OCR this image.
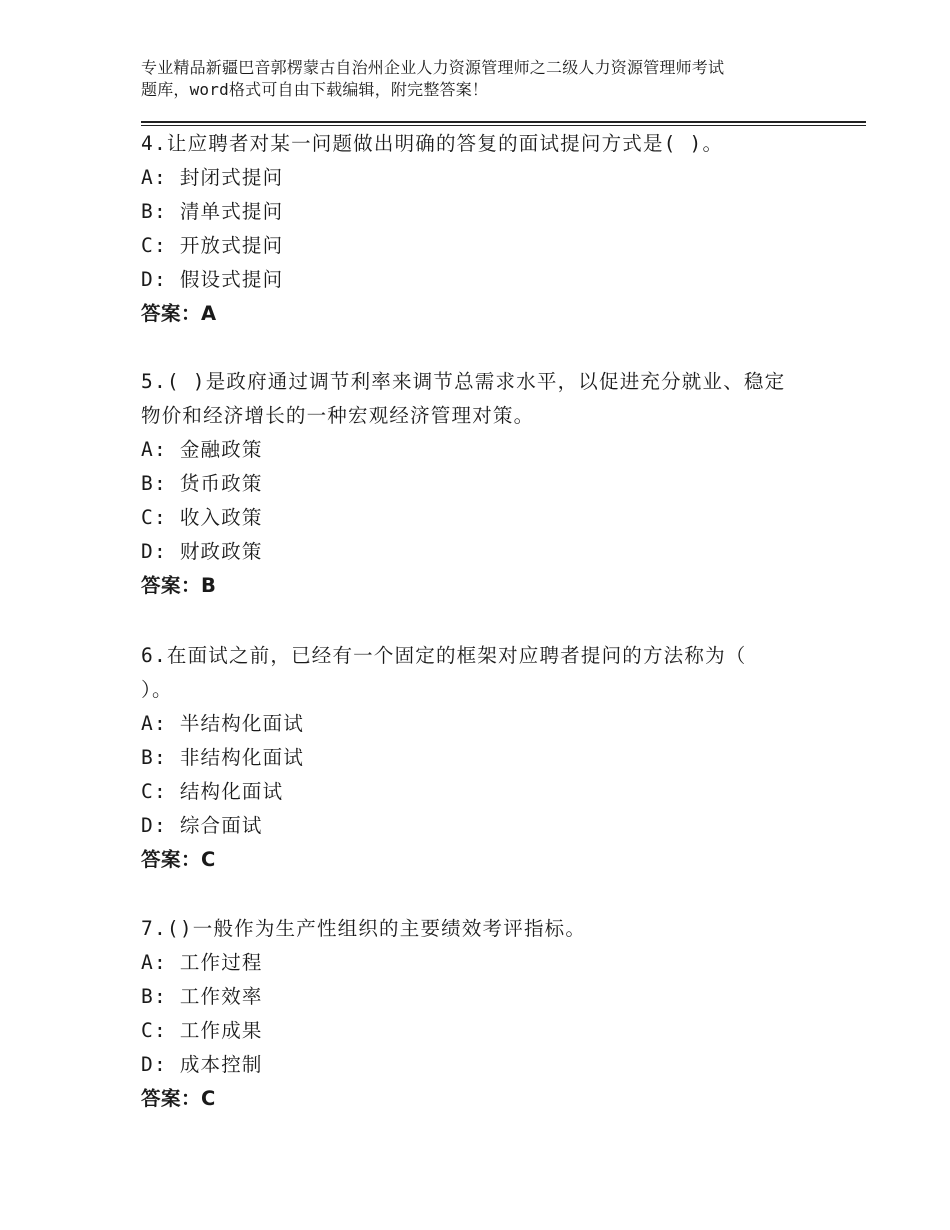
专业精品新疆巴音郭楞蒙古自治州企业人力资源管理师之二级人力资源管理师考试
题库，word格式可自由下载编辑，附完整答案！
4.让应聘者对某一问题做出明确的答复的面试提问方式是( )。
A: 封闭式提问
B: 清单式提问
C: 开放式提问
D: 假设式提问
答案：A
5.( )是政府通过调节利率来调节总需求水平，以促进充分就业、稳定
物价和经济增长的一种宏观经济管理对策。
A: 金融政策
B: 货币政策
C: 收入政策
D: 财政政策
答案：B
6.在面试之前，已经有一个固定的框架对应聘者提问的方法称为（
）。
A: 半结构化面试
B: 非结构化面试
C: 结构化面试
D: 综合面试
答案：C
7.()一般作为生产性组织的主要绩效考评指标。
A: 工作过程
B: 工作效率
C: 工作成果
D: 成本控制
答案：C
